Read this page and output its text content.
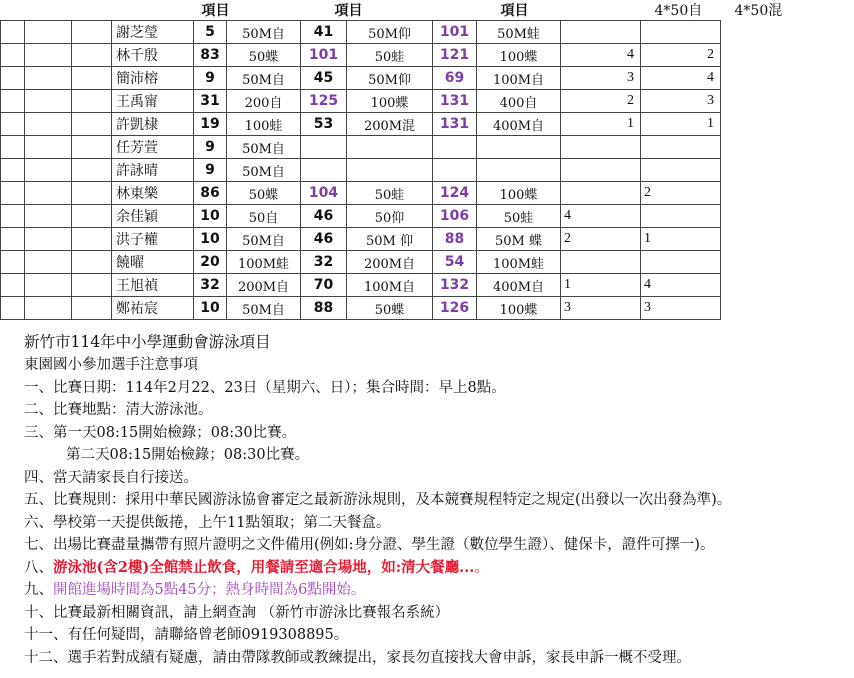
				項目		項目			項目		4*50自	4*50混
			謝芝瑩	5	50M自	41	50M仰	101	50M蛙			
			林千殷	83	50蝶	101	50蛙	121	100蝶	4	2	
			簡沛榕	9	50M自	45	50M仰	69	100M自	3	4	
			王禹甯	31	200自	125	100蝶	131	400自	2	3	
			許凱棣	19	100蛙	53	200M混	131	400M自	1	1	
			任芳萱	9	50M自							
			許詠晴	9	50M自							
			林東樂	86	50蝶	104	50蛙	124	100蝶		2	
			余佳穎	10	50自	46	50仰	106	50蛙	4		
			洪子權	10	50M自	46	50M 仰	88	50M 蝶	2	1	
			饒曜	20	100M蛙	32	200M自	54	100M蛙			
			王旭禎	32	200M自	70	100M自	132	400M自	1	4	
			鄭祐宸	10	50M自	88	50蝶	126	100蝶	3	3	
新竹市114年中小學運動會游泳項目
東園國小參加選手注意事項
一、比賽日期：114年2月22、23日（星期六、日）；集合時間：早上8點。
二、比賽地點：清大游泳池。
三、第一天08:15開始檢錄；08:30比賽。
第二天08:15開始檢錄；08:30比賽。
四、當天請家長自行接送。
五、比賽規則：採用中華民國游泳協會審定之最新游泳規則，及本競賽規程特定之規定(出發以一次出發為準)。
六、學校第一天提供飯捲，上午11點領取；第二天餐盒。
七、出場比賽盡量攜帶有照片證明之文件備用(例如:身分證、學生證（數位學生證）、健保卡，證件可擇一)。
八、游泳池(含2樓)全館禁止飲食，用餐請至適合場地，如:清大餐廳...。
九、開館進場時間為5點45分；熱身時間為6點開始。
十、比賽最新相關資訊，請上網查詢 （新竹市游泳比賽報名系統）
十一、有任何疑問，請聯絡曾老師0919308895。
十二、選手若對成績有疑慮，請由帶隊教師或教練提出，家長勿直接找大會申訴，家長申訴一概不受理。
